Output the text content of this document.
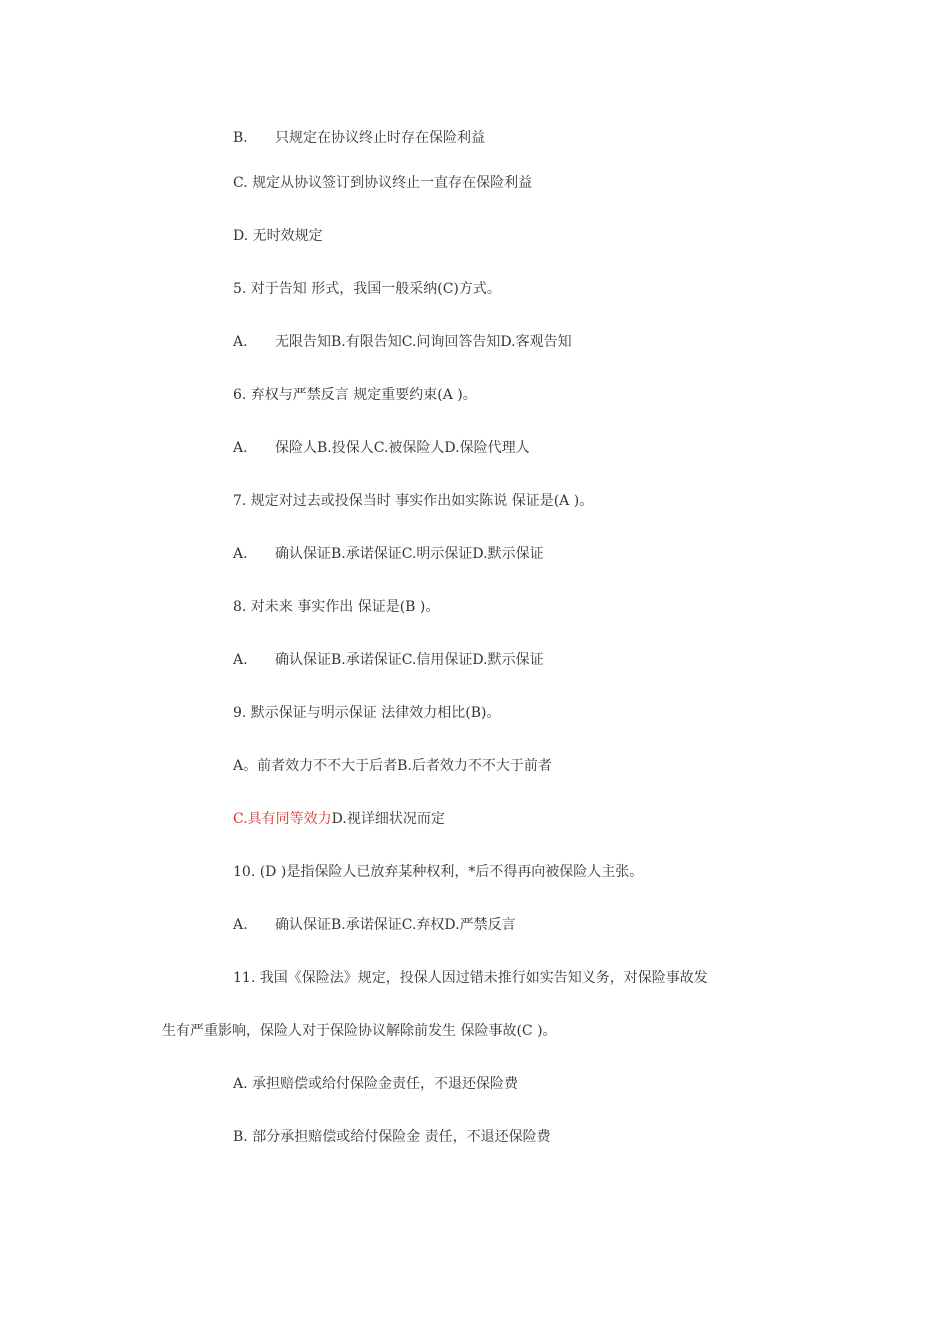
B. 只规定在协议终止时存在保险利益
C. 规定从协议签订到协议终止一直存在保险利益
D. 无时效规定
5. 对于告知 形式，我国一般采纳(C)方式。
A. 无限告知B.有限告知C.问询回答告知D.客观告知
6. 弃权与严禁反言 规定重要约束(A )。
A. 保险人B.投保人C.被保险人D.保险代理人
7. 规定对过去或投保当时 事实作出如实陈说 保证是(A )。
A. 确认保证B.承诺保证C.明示保证D.默示保证
8. 对未来 事实作出 保证是(B )。
A. 确认保证B.承诺保证C.信用保证D.默示保证
9. 默示保证与明示保证 法律效力相比(B)。
A。前者效力不不大于后者B.后者效力不不大于前者
C.具有同等效力D.视详细状况而定
10. (D )是指保险人已放弃某种权利，*后不得再向被保险人主张。
A. 确认保证B.承诺保证C.弃权D.严禁反言
11. 我国《保险法》规定，投保人因过错未推行如实告知义务，对保险事故发
生有严重影响，保险人对于保险协议解除前发生 保险事故(C )。
A. 承担赔偿或给付保险金责任，不退还保险费
B. 部分承担赔偿或给付保险金 责任，不退还保险费
